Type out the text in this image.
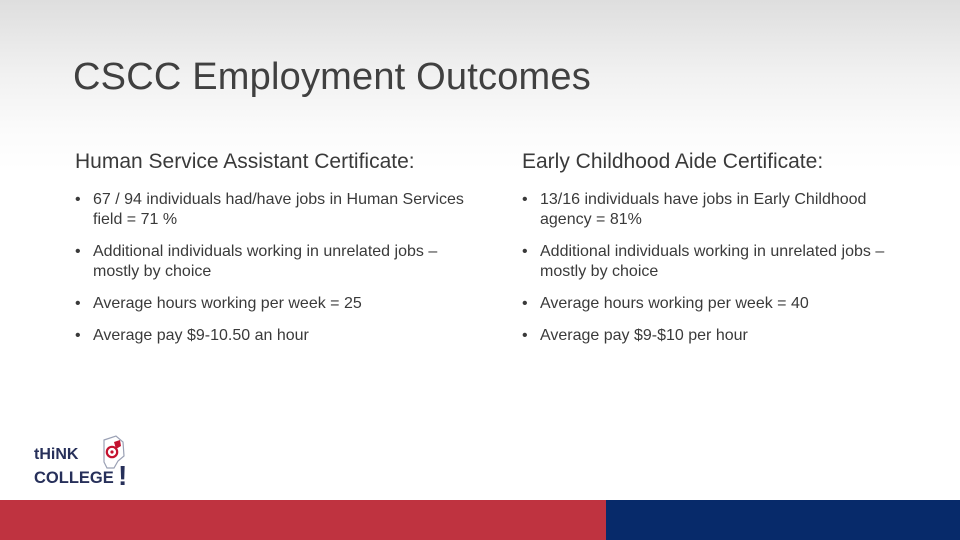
CSCC Employment Outcomes
Human Service Assistant Certificate:
• 67 / 94 individuals had/have jobs in Human Services field = 71 %
• Additional individuals working in unrelated jobs – mostly by choice
• Average hours working per week = 25
• Average pay $9-10.50 an hour
Early Childhood Aide Certificate:
• 13/16 individuals have jobs in Early Childhood agency = 81%
• Additional individuals working in unrelated jobs – mostly by choice
• Average hours working per week = 40
• Average pay $9-$10 per hour
tHiNK
COLLEGE !
